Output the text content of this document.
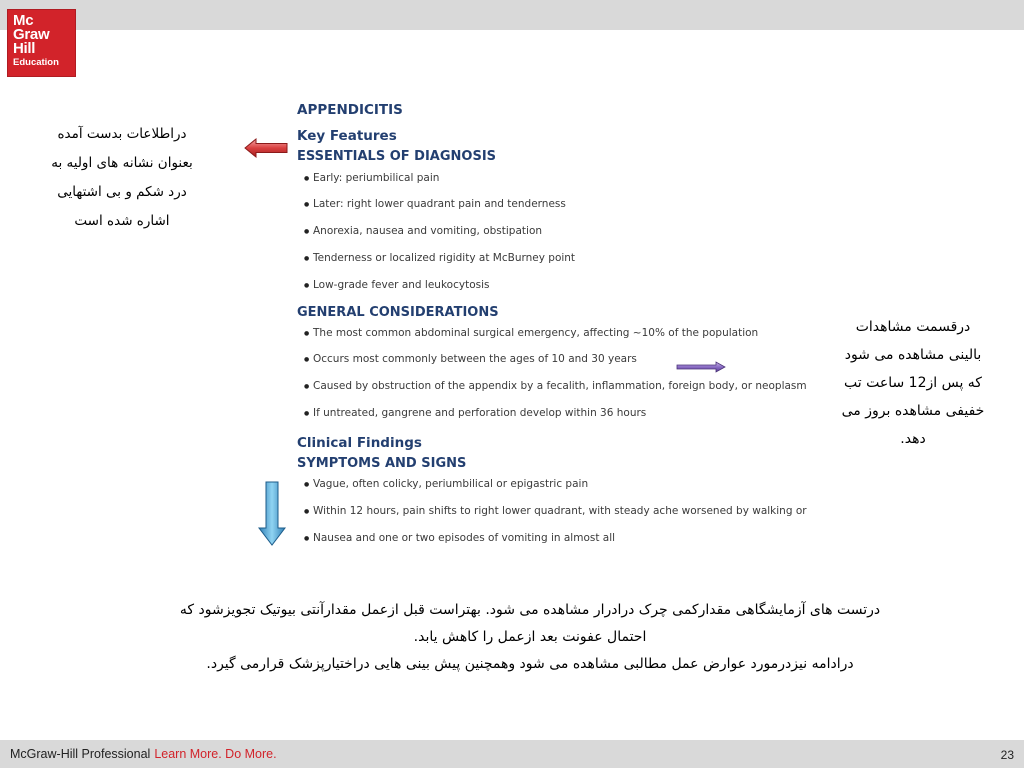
Mc
Graw
Hill
Education
APPENDICITIS
Key Features
ESSENTIALS OF DIAGNOSIS
● Early: periumbilical pain
● Later: right lower quadrant pain and tenderness
● Anorexia, nausea and vomiting, obstipation
● Tenderness or localized rigidity at McBurney point
● Low-grade fever and leukocytosis
GENERAL CONSIDERATIONS
● The most common abdominal surgical emergency, affecting ~10% of the population
● Occurs most commonly between the ages of 10 and 30 years
● Caused by obstruction of the appendix by a fecalith, inflammation, foreign body, or neoplasm
● If untreated, gangrene and perforation develop within 36 hours
Clinical Findings
SYMPTOMS AND SIGNS
● Vague, often colicky, periumbilical or epigastric pain
● Within 12 hours, pain shifts to right lower quadrant, with steady ache worsened by walking or
● Nausea and one or two episodes of vomiting in almost all
دراطلاعات بدست آمده
بعنوان نشانه های اولیه به
درد شکم و بی اشتهایی
اشاره شده است
درقسمت مشاهدات
بالینی مشاهده می شود
که پس از12 ساعت تب
خفیفی مشاهده بروز می
دهد.
درتست های آزمایشگاهی مقدارکمی چرک درادرار مشاهده می شود. بهتراست قبل ازعمل مقدارآنتی بیوتیک تجویزشود که
احتمال عفونت بعد ازعمل را کاهش یابد.
درادامه نیزدرمورد عوارض عمل مطالبی مشاهده می شود وهمچنین پیش بینی هایی دراختیارپزشک قرارمی گیرد.
McGraw-Hill Professional Learn More. Do More.	23
